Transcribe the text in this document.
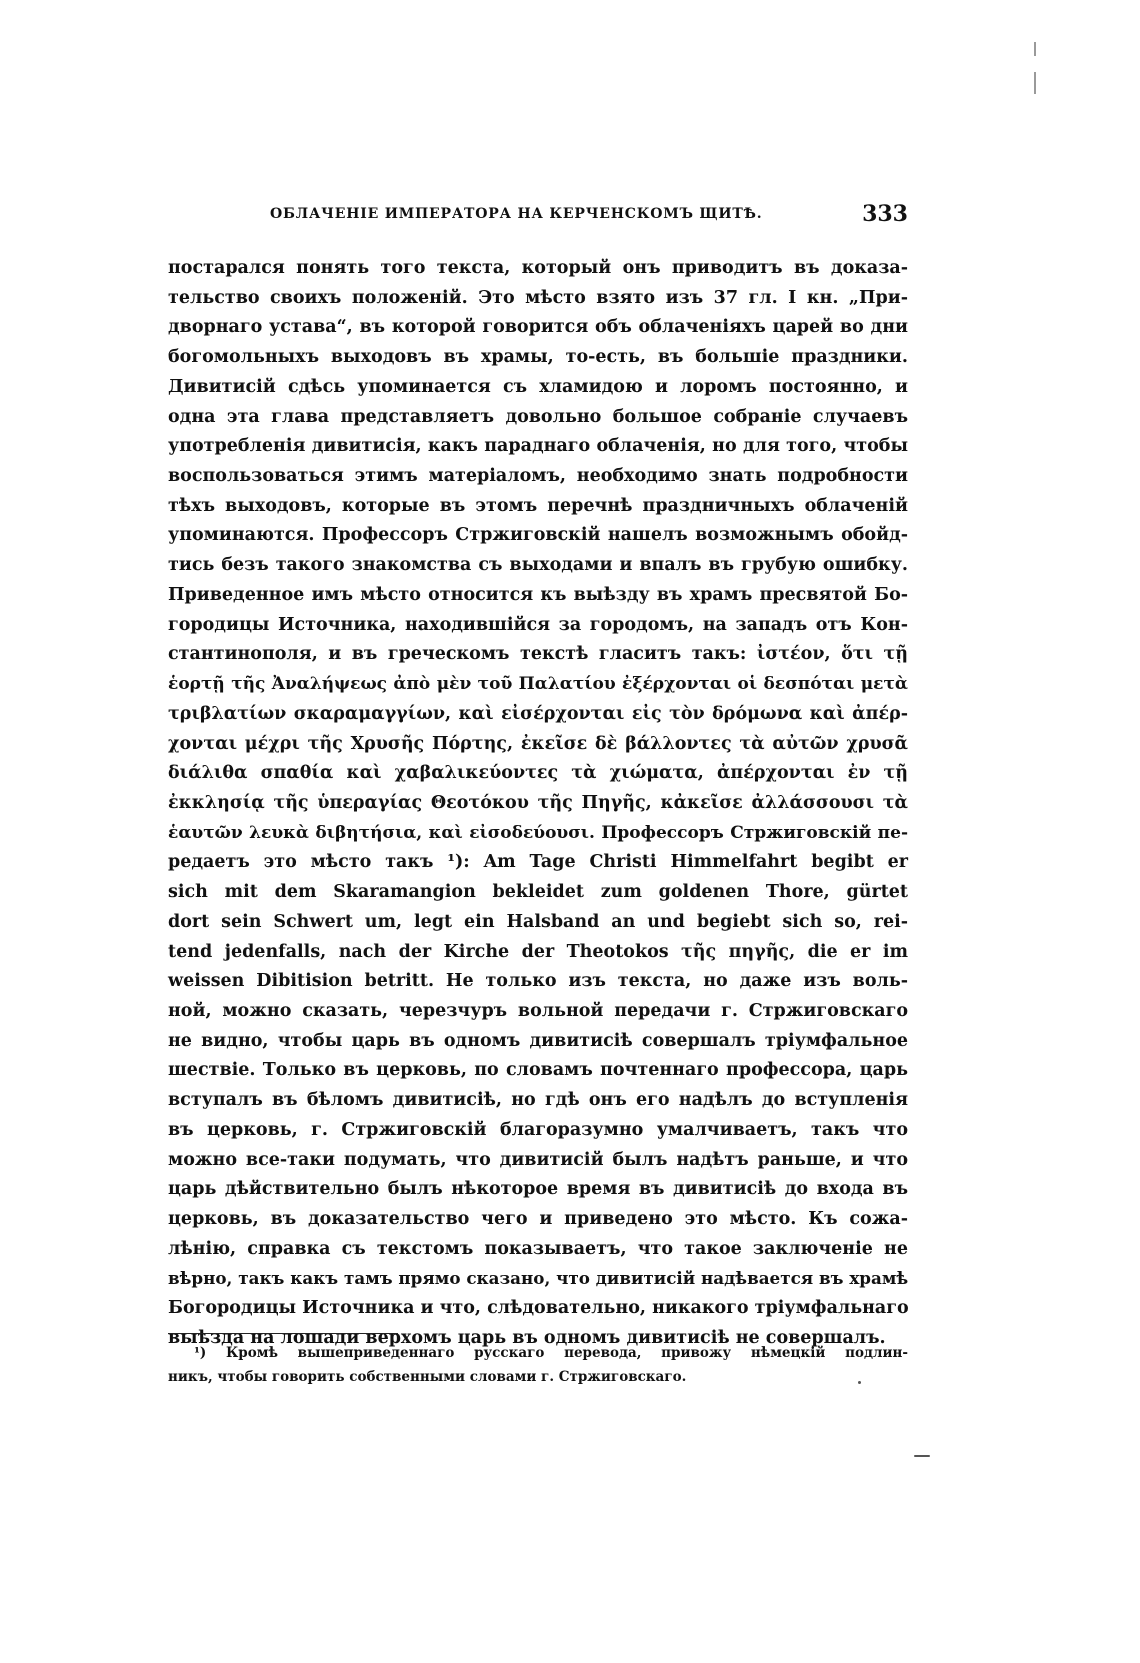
ОБЛАЧЕНІЕ ИМПЕРАТОРА НА КЕРЧЕНСКОМЪ ЩИТѢ.	333
постарался понять того текста, который онъ приводитъ въ доказа-
тельство своихъ положеній. Это мѣсто взято изъ 37 гл. I кн. „При-
дворнаго устава“, въ которой говорится объ облаченіяхъ царей во дни
богомольныхъ выходовъ въ храмы, то-есть, въ большіе праздники.
Дивитисій сдѣсь упоминается съ хламидою и лоромъ постоянно, и
одна эта глава представляетъ довольно большое собраніе случаевъ
употребленія дивитисія, какъ параднаго облаченія, но для того, чтобы
воспользоваться этимъ матеріаломъ, необходимо знать подробности
тѣхъ выходовъ, которые въ этомъ перечнѣ праздничныхъ облаченій
упоминаются. Профессоръ Стржиговскій нашелъ возможнымъ обойд-
тись безъ такого знакомства съ выходами и впалъ въ грубую ошибку.
Приведенное имъ мѣсто относится къ выѣзду въ храмъ пресвятой Бо-
городицы Источника, находившійся за городомъ, на западъ отъ Кон-
стантинополя, и въ греческомъ текстѣ гласитъ такъ: ἰστέον, ὅτι τῇ
ἑορτῇ τῆς Ἀναλήψεως ἀπὸ μὲν τοῦ Παλατίου ἐξέρχονται οἱ δεσπόται μετὰ
τριβλατίων σκαραμαγγίων, καὶ εἰσέρχονται εἰς τὸν δρόμωνα καὶ ἀπέρ-
χονται μέχρι τῆς Χρυσῆς Πόρτης, ἐκεῖσε δὲ βάλλοντες τὰ αὐτῶν χρυσᾶ
διάλιθα σπαθία καὶ χαβαλικεύοντες τὰ χιώματα, ἀπέρχονται ἐν τῇ
ἐκκλησίᾳ τῆς ὑπεραγίας Θεοτόκου τῆς Πηγῆς, κἀκεῖσε ἀλλάσσουσι τὰ
ἑαυτῶν λευκὰ διβητήσια, καὶ εἰσοδεύουσι. Профессоръ Стржиговскій пе-
редаетъ это мѣсто такъ ¹): Am Tage Christi Himmelfahrt begibt er
sich mit dem Skaramangion bekleidet zum goldenen Thore, gürtet
dort sein Schwert um, legt ein Halsband an und begiebt sich so, rei-
tend jedenfalls, nach der Kirche der Theotokos τῆς πηγῆς, die er im
weissen Dibitision betritt. Не только изъ текста, но даже изъ воль-
ной, можно сказать, черезчуръ вольной передачи г. Стржиговскаго
не видно, чтобы царь въ одномъ дивитисіѣ совершалъ тріумфальное
шествіе. Только въ церковь, по словамъ почтеннаго профессора, царь
вступалъ въ бѣломъ дивитисіѣ, но гдѣ онъ его надѣлъ до вступленія
въ церковь, г. Стржиговскій благоразумно умалчиваетъ, такъ что
можно все-таки подумать, что дивитисій былъ надѣтъ раньше, и что
царь дѣйствительно былъ нѣкоторое время въ дивитисіѣ до входа въ
церковь, въ доказательство чего и приведено это мѣсто. Къ сожа-
лѣнію, справка съ текстомъ показываетъ, что такое заключеніе не
вѣрно, такъ какъ тамъ прямо сказано, что дивитисій надѣвается въ храмѣ
Богородицы Источника и что, слѣдовательно, никакого тріумфальнаго
выѣзда на лошади верхомъ царь въ одномъ дивитисіѣ не совершалъ.
¹) Кромѣ вышеприведеннаго русскаго перевода, привожу нѣмецкій подлин-
никъ, чтобы говорить собственными словами г. Стржиговскаго.
